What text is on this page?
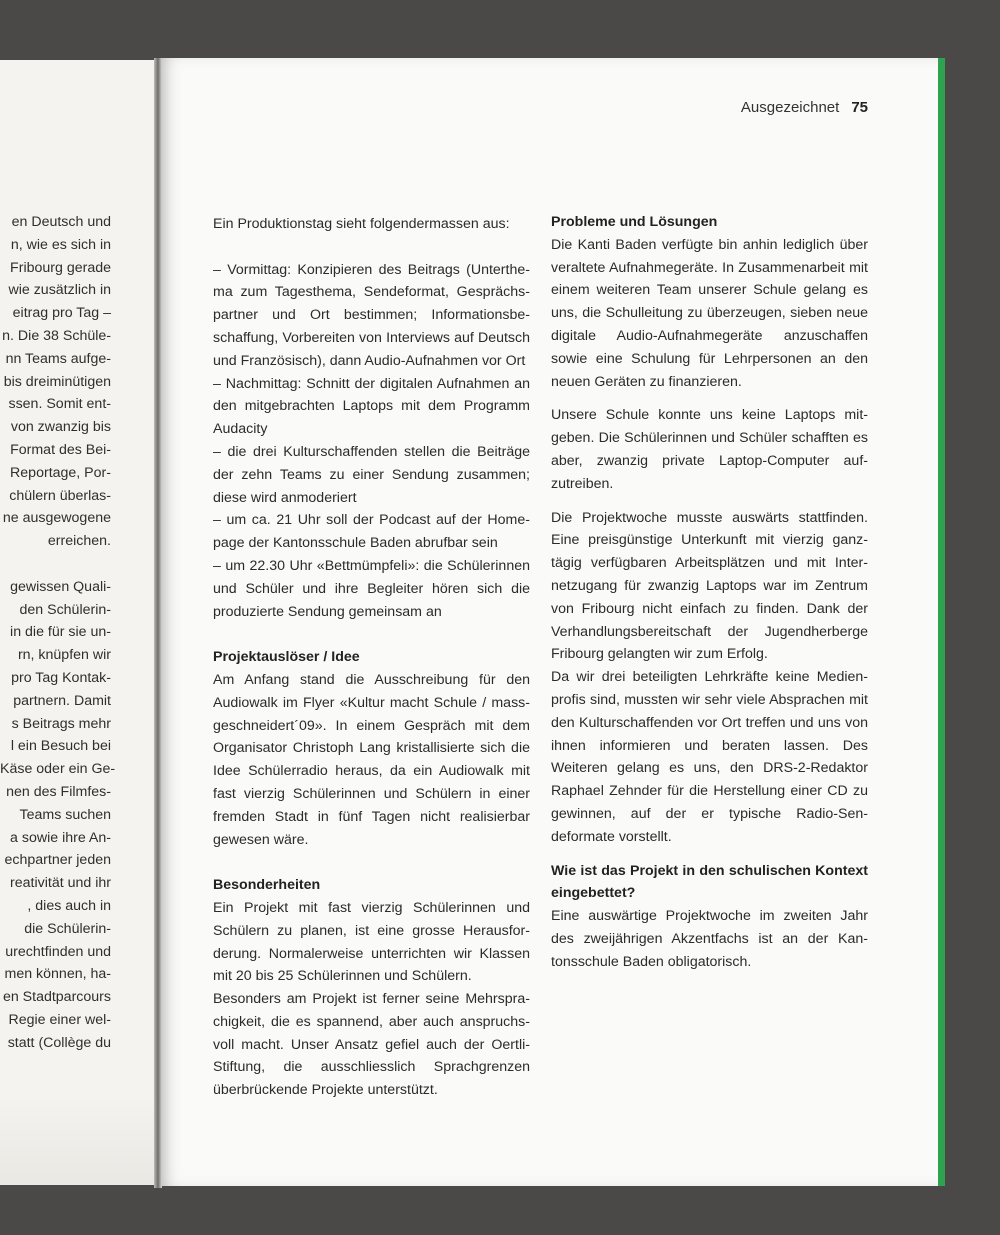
en Deutsch und
n, wie es sich in
Fribourg gerade
wie zusätzlich in
eitrag pro Tag –
n. Die 38 Schüle-
nn Teams aufge-
bis dreiminütigen
ssen. Somit ent-
von zwanzig bis
Format des Bei-
Reportage, Por-
chülern überlas-
ne ausgewogene
erreichen.
gewissen Quali-
den Schülerin-
in die für sie un-
rn, knüpfen wir
pro Tag Kontak-
partnern. Damit
s Beitrags mehr
l ein Besuch bei
Käse oder ein Ge-
nen des Filmfes-
Teams suchen
a sowie ihre An-
echpartner jeden
reativität und ihr
, dies auch in
die Schülerin-
urechtfinden und
men können, ha-
en Stadtparcours
Regie einer wel-
statt (Collège du
Ausgezeichnet 75

Ein Produktionstag sieht folgendermassen aus:

– Vormittag: Konzipieren des Beitrags (Unterthema zum Tagesthema, Sendeformat, Gesprächspartner und Ort bestimmen; Informationsbeschaffung, Vorbereiten von Interviews auf Deutsch und Französisch), dann Audio-Aufnahmen vor Ort

– Nachmittag: Schnitt der digitalen Aufnahmen an den mitgebrachten Laptops mit dem Programm Audacity

– die drei Kulturschaffenden stellen die Beiträge der zehn Teams zu einer Sendung zusammen; diese wird anmoderiert

– um ca. 21 Uhr soll der Podcast auf der Homepage der Kantonsschule Baden abrufbar sein

– um 22.30 Uhr «Bettmümpfeli»: die Schülerinnen und Schüler und ihre Begleiter hören sich die produzierte Sendung gemeinsam an

Projektauslöser / Idee

Am Anfang stand die Ausschreibung für den Audiowalk im Flyer «Kultur macht Schule / massgeschneidert´09». In einem Gespräch mit dem Organisator Christoph Lang kristallisierte sich die Idee Schülerradio heraus, da ein Audiowalk mit fast vierzig Schülerinnen und Schülern in einer fremden Stadt in fünf Tagen nicht realisierbar gewesen wäre.

Besonderheiten

Ein Projekt mit fast vierzig Schülerinnen und Schülern zu planen, ist eine grosse Herausforderung. Normalerweise unterrichten wir Klassen mit 20 bis 25 Schülerinnen und Schülern.

Besonders am Projekt ist ferner seine Mehrsprachigkeit, die es spannend, aber auch anspruchsvoll macht. Unser Ansatz gefiel auch der Oertli-Stiftung, die ausschliesslich Sprachgrenzen überbrückende Projekte unterstützt.

Probleme und Lösungen

Die Kanti Baden verfügte bin anhin lediglich über veraltete Aufnahmegeräte. In Zusammenarbeit mit einem weiteren Team unserer Schule gelang es uns, die Schulleitung zu überzeugen, sieben neue digitale Audio-Aufnahmegeräte anzuschaffen sowie eine Schulung für Lehrpersonen an den neuen Geräten zu finanzieren.

Unsere Schule konnte uns keine Laptops mitgeben. Die Schülerinnen und Schüler schafften es aber, zwanzig private Laptop-Computer aufzutreiben.

Die Projektwoche musste auswärts stattfinden. Eine preisgünstige Unterkunft mit vierzig ganztägig verfügbaren Arbeitsplätzen und mit Internetzugang für zwanzig Laptops war im Zentrum von Fribourg nicht einfach zu finden. Dank der Verhandlungsbereitschaft der Jugendherberge Fribourg gelangten wir zum Erfolg.

Da wir drei beteiligten Lehrkräfte keine Medienprofis sind, mussten wir sehr viele Absprachen mit den Kulturschaffenden vor Ort treffen und uns von ihnen informieren und beraten lassen. Des Weiteren gelang es uns, den DRS-2-Redaktor Raphael Zehnder für die Herstellung einer CD zu gewinnen, auf der er typische Radio-Sendeformate vorstellt.

Wie ist das Projekt in den schulischen Kontext eingebettet?

Eine auswärtige Projektwoche im zweiten Jahr des zweijährigen Akzentfachs ist an der Kantonsschule Baden obligatorisch.
